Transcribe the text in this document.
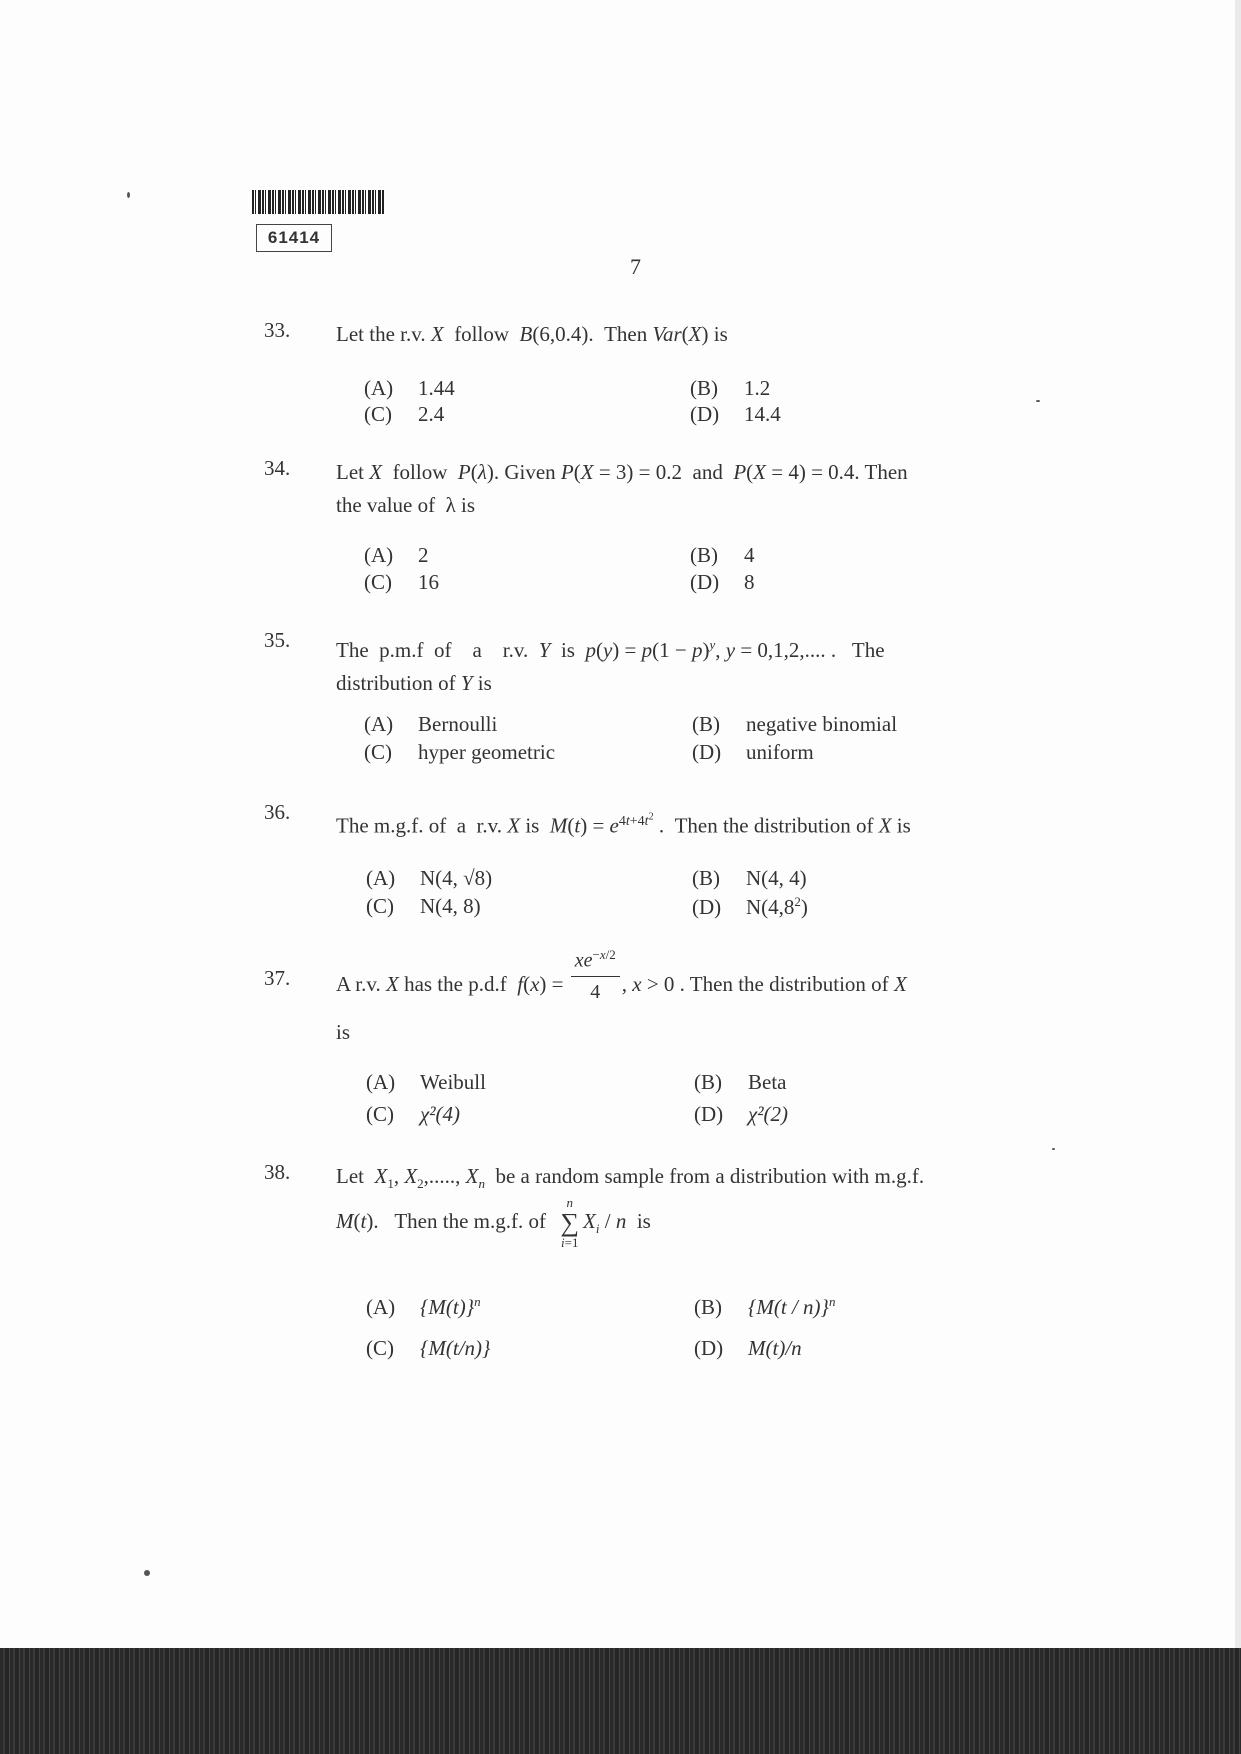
61414
7
33. Let the r.v. X  follow  B(6,0.4).  Then Var(X) is
(A) 1.44	(B) 1.2
(C) 2.4	(D) 14.4
34. Let X  follow  P(λ). Given P(X = 3) = 0.2  and  P(X = 4) = 0.4. Then
the value of  λ is
(A) 2	(B) 4
(C) 16	(D) 8
35. The  p.m.f  of    a    r.v.  Y  is  $p(y) = p(1 - p)^y$, y = 0,1,2,.... .   The
distribution of Y is
(A) Bernoulli	(B) negative binomial
(C) hyper geometric	(D) uniform
36.
The m.g.f. of  a  r.v. X is  $M(t) = e^{4t+4t^2}$ .  Then the distribution of X is
(A) N(4, √8)	(B) N(4, 4)
(C) N(4, 8)	(D) $N(4,8^2)$
37. A r.v. X has the p.d.f  $f(x) = \frac{xe^{-x/2}}{4}$ , x > 0 . Then the distribution of X
is
(A) Weibull	(B) Beta
(C) χ²(4)	(D) χ²(2)
38. Let  $X_1$, $X_2$,....., $X_n$  be a random sample from a distribution with m.g.f.
M(t).   Then the m.g.f. of
n
∑
i=1
$X_i$ / n  is
(A) $\{M(t)\}^n$	(B) {M(t / n)}$^n$
(C) {M(t/n)}	(D) M(t)/n
